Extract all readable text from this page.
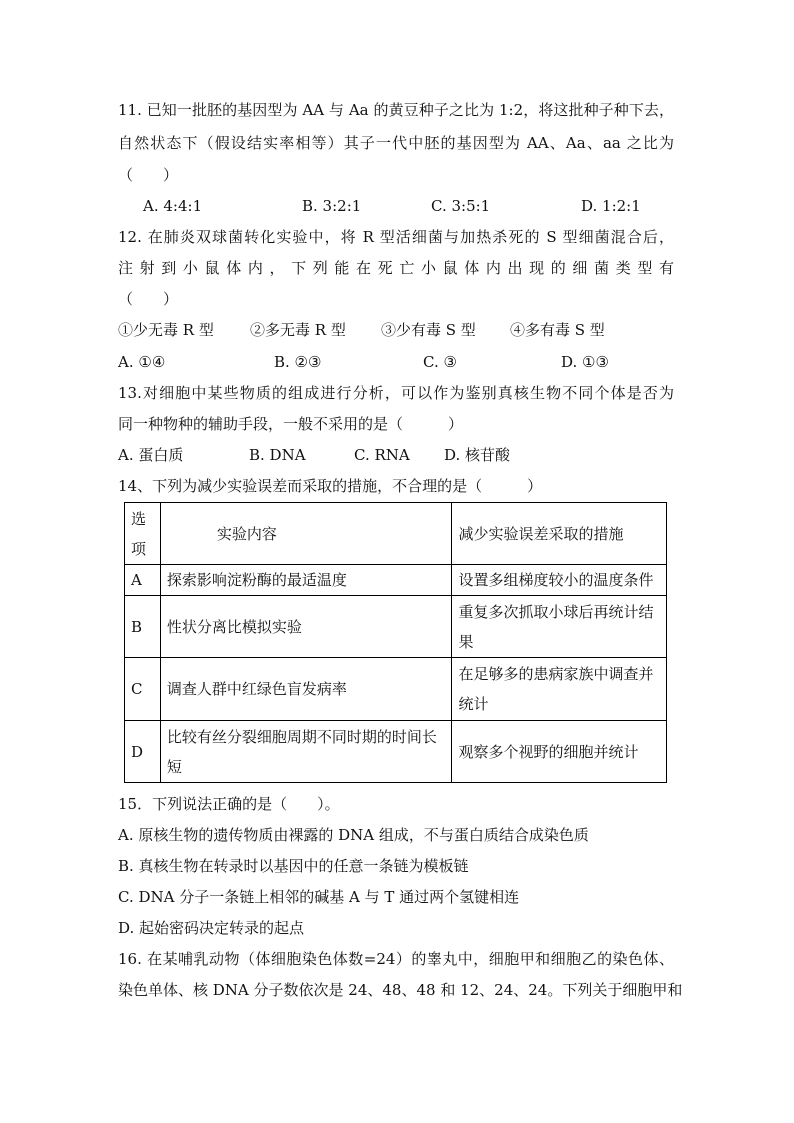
11. 已知一批胚的基因型为 AA 与 Aa 的黄豆种子之比为 1:2，将这批种子种下去，
自然状态下（假设结实率相等）其子一代中胚的基因型为 AA、Aa、aa 之比为
（　　）
A. 4:4:1	B. 3:2:1	C. 3:5:1	D. 1:2:1
12. 在肺炎双球菌转化实验中，将 R 型活细菌与加热杀死的 S 型细菌混合后，
注射到小鼠体内，下列能在死亡小鼠体内出现的细菌类型有
（　　）
①少无毒 R 型 ②多无毒 R 型 ③少有毒 S 型 ④多有毒 S 型
A. ①④	B. ②③	C. ③	D. ①③
13.对细胞中某些物质的组成进行分析，可以作为鉴别真核生物不同个体是否为
同一种物种的辅助手段，一般不采用的是（　　　）
A. 蛋白质	B. DNA	C. RNA D. 核苷酸
14、下列为减少实验误差而采取的措施，不合理的是（　　　）
选项	实验内容	减少实验误差采取的措施
A	探索影响淀粉酶的最适温度	设置多组梯度较小的温度条件
B	性状分离比模拟实验	重复多次抓取小球后再统计结果
C	调查人群中红绿色盲发病率	在足够多的患病家族中调查并统计
D	比较有丝分裂细胞周期不同时期的时间长短	观察多个视野的细胞并统计
15．下列说法正确的是（　　）。
A. 原核生物的遗传物质由裸露的 DNA 组成，不与蛋白质结合成染色质
B. 真核生物在转录时以基因中的任意一条链为模板链
C. DNA 分子一条链上相邻的碱基 A 与 T 通过两个氢键相连
D. 起始密码决定转录的起点
16. 在某哺乳动物（体细胞染色体数=24）的睾丸中，细胞甲和细胞乙的染色体、
染色单体、核 DNA 分子数依次是 24、48、48 和 12、24、24。下列关于细胞甲和
